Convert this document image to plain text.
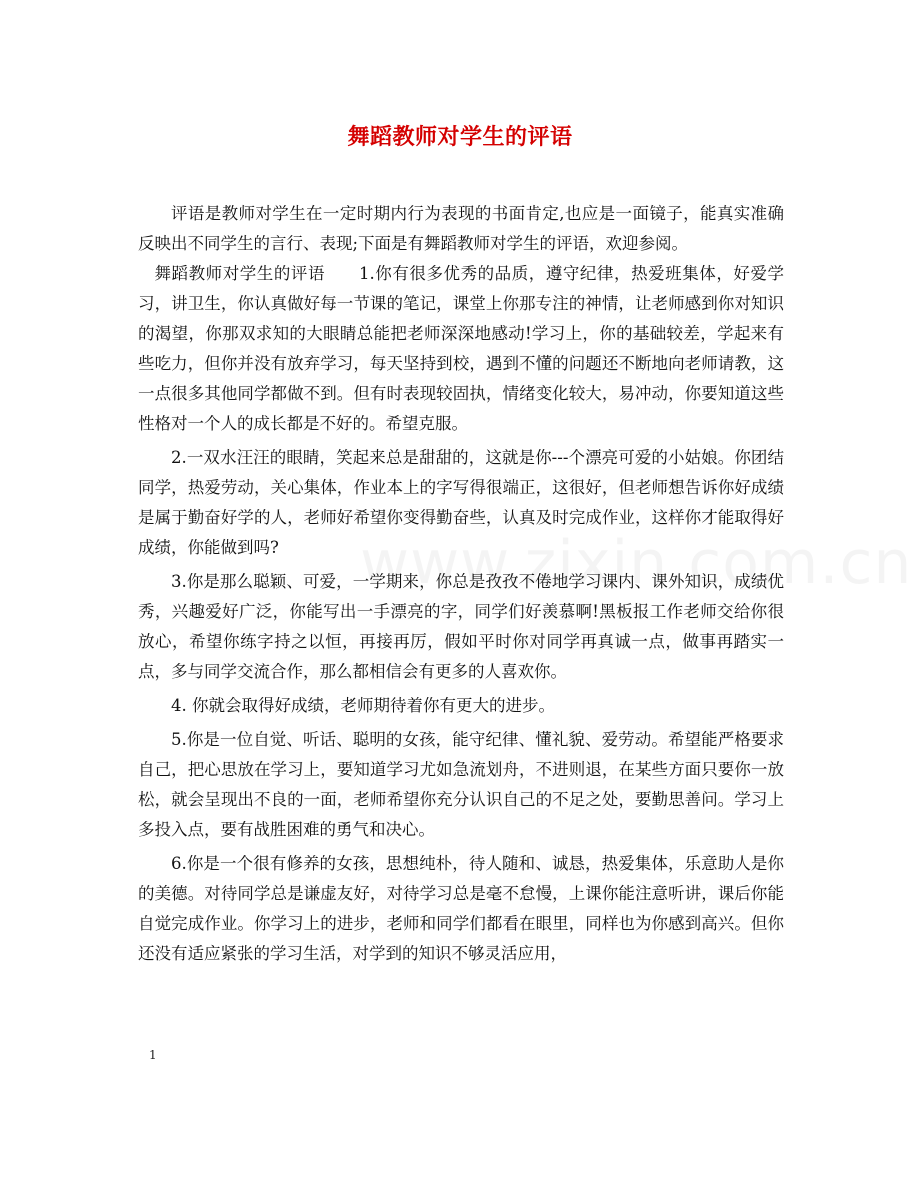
舞蹈教师对学生的评语

评语是教师对学生在一定时期内行为表现的书面肯定,也应是一面镜子，能真实准确反映出不同学生的言行、表现;下面是有舞蹈教师对学生的评语，欢迎参阅。

舞蹈教师对学生的评语 1.你有很多优秀的品质，遵守纪律，热爱班集体，好爱学习，讲卫生，你认真做好每一节课的笔记，课堂上你那专注的神情，让老师感到你对知识的渴望，你那双求知的大眼睛总能把老师深深地感动!学习上，你的基础较差，学起来有些吃力，但你并没有放弃学习，每天坚持到校，遇到不懂的问题还不断地向老师请教，这一点很多其他同学都做不到。但有时表现较固执，情绪变化较大，易冲动，你要知道这些性格对一个人的成长都是不好的。希望克服。

2.一双水汪汪的眼睛，笑起来总是甜甜的，这就是你---个漂亮可爱的小姑娘。你团结同学，热爱劳动，关心集体，作业本上的字写得很端正，这很好，但老师想告诉你好成绩是属于勤奋好学的人，老师好希望你变得勤奋些，认真及时完成作业，这样你才能取得好成绩，你能做到吗?

3.你是那么聪颖、可爱，一学期来，你总是孜孜不倦地学习课内、课外知识，成绩优秀，兴趣爱好广泛，你能写出一手漂亮的字，同学们好羡慕啊!黑板报工作老师交给你很放心，希望你练字持之以恒，再接再厉，假如平时你对同学再真诚一点，做事再踏实一点，多与同学交流合作，那么都相信会有更多的人喜欢你。

4. 你就会取得好成绩，老师期待着你有更大的进步。

5.你是一位自觉、听话、聪明的女孩，能守纪律、懂礼貌、爱劳动。希望能严格要求自己，把心思放在学习上，要知道学习尤如急流划舟，不进则退，在某些方面只要你一放松，就会呈现出不良的一面，老师希望你充分认识自己的不足之处，要勤思善问。学习上多投入点，要有战胜困难的勇气和决心。

6.你是一个很有修养的女孩，思想纯朴，待人随和、诚恳，热爱集体，乐意助人是你的美德。对待同学总是谦虚友好，对待学习总是毫不怠慢，上课你能注意听讲，课后你能自觉完成作业。你学习上的进步，老师和同学们都看在眼里，同样也为你感到高兴。但你还没有适应紧张的学习生活，对学到的知识不够灵活应用，

1
